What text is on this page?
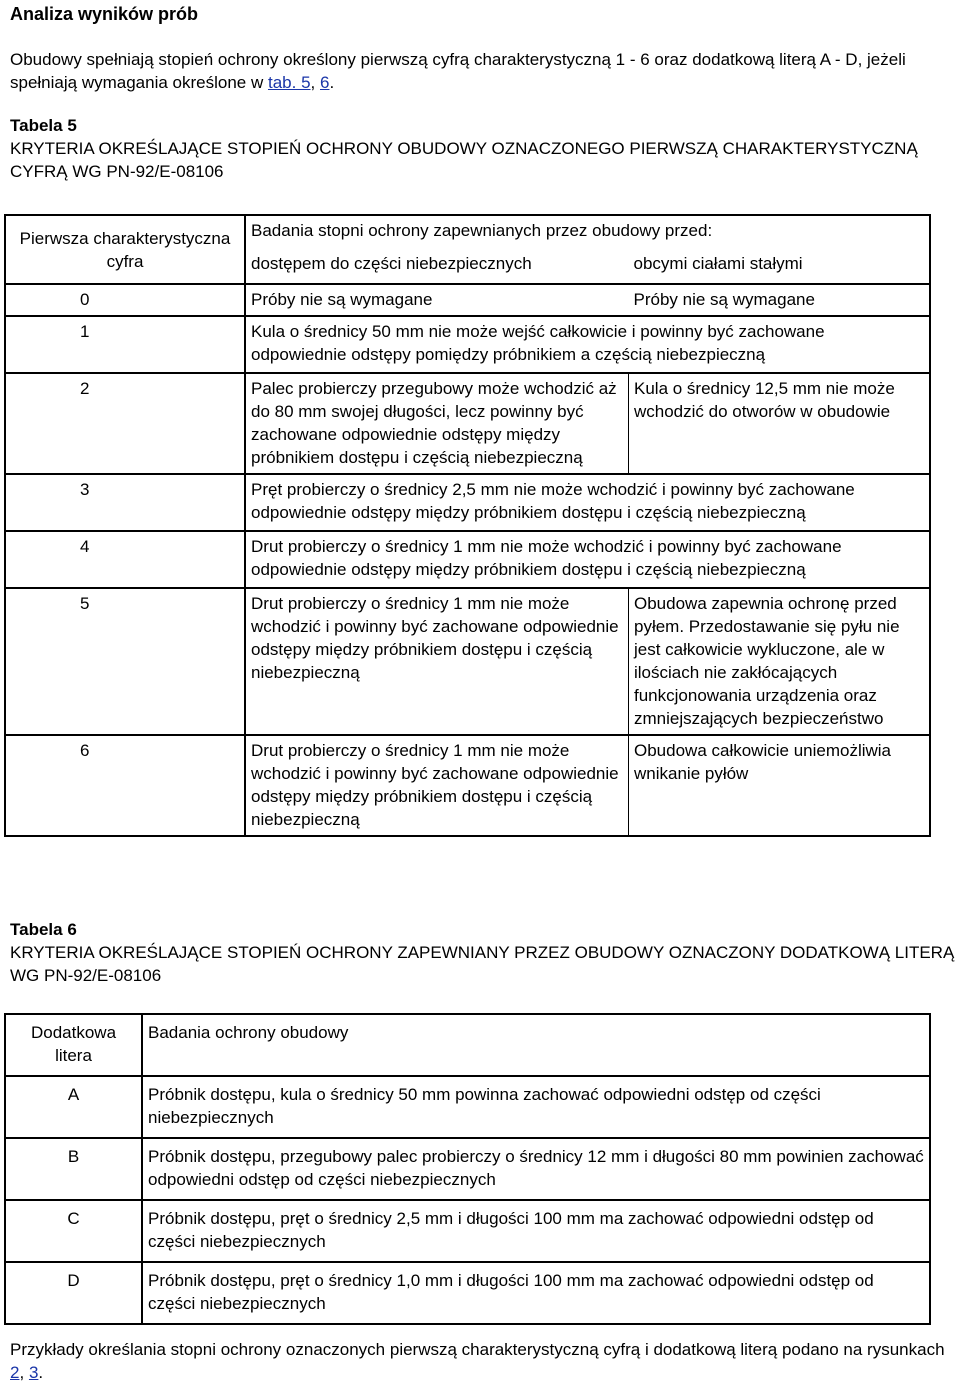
Analiza wyników prób

Obudowy spełniają stopień ochrony określony pierwszą cyfrą charakterystyczną 1 - 6 oraz dodatkową literą A - D, jeżeli spełniają wymagania określone w tab. 5, 6.

Tabela 5
KRYTERIA OKREŚLAJĄCE STOPIEŃ OCHRONY OBUDOWY OZNACZONEGO PIERWSZĄ CHARAKTERYSTYCZNĄ CYFRĄ WG PN-92/E-08106

Pierwsza charakterystyczna cyfra	Badania stopni ochrony zapewnianych przez obudowy przed:	
	dostępem do części niebezpiecznych	obcymi ciałami stałymi
0	Próby nie są wymagane	Próby nie są wymagane
1	Kula o średnicy 50 mm nie może wejść całkowicie i powinny być zachowane odpowiednie odstępy pomiędzy próbnikiem a częścią niebezpieczną	
2	Palec probierczy przegubowy może wchodzić aż do 80 mm swojej długości, lecz powinny być zachowane odpowiednie odstępy między próbnikiem dostępu i częścią niebezpieczną	Kula o średnicy 12,5 mm nie może wchodzić do otworów w obudowie
3	Pręt probierczy o średnicy 2,5 mm nie może wchodzić i powinny być zachowane odpowiednie odstępy między próbnikiem dostępu i częścią niebezpieczną	
4	Drut probierczy o średnicy 1 mm nie może wchodzić i powinny być zachowane odpowiednie odstępy między próbnikiem dostępu i częścią niebezpieczną	
5	Drut probierczy o średnicy 1 mm nie może wchodzić i powinny być zachowane odpowiednie odstępy między próbnikiem dostępu i częścią niebezpieczną	Obudowa zapewnia ochronę przed pyłem. Przedostawanie się pyłu nie jest całkowicie wykluczone, ale w ilościach nie zakłócających funkcjonowania urządzenia oraz zmniejszających bezpieczeństwo
6	Drut probierczy o średnicy 1 mm nie może wchodzić i powinny być zachowane odpowiednie odstępy między próbnikiem dostępu i częścią niebezpieczną	Obudowa całkowicie uniemożliwia wnikanie pyłów

Tabela 6
KRYTERIA OKREŚLAJĄCE STOPIEŃ OCHRONY ZAPEWNIANY PRZEZ OBUDOWY OZNACZONY DODATKOWĄ LITERĄ WG PN-92/E-08106

Dodatkowa litera	Badania ochrony obudowy
A	Próbnik dostępu, kula o średnicy 50 mm powinna zachować odpowiedni odstęp od części niebezpiecznych
B	Próbnik dostępu, przegubowy palec probierczy o średnicy 12 mm i długości 80 mm powinien zachować odpowiedni odstęp od części niebezpiecznych
C	Próbnik dostępu, pręt o średnicy 2,5 mm i długości 100 mm ma zachować odpowiedni odstęp od części niebezpiecznych
D	Próbnik dostępu, pręt o średnicy 1,0 mm i długości 100 mm ma zachować odpowiedni odstęp od części niebezpiecznych

Przykłady określania stopni ochrony oznaczonych pierwszą charakterystyczną cyfrą i dodatkową literą podano na rysunkach 2, 3.
